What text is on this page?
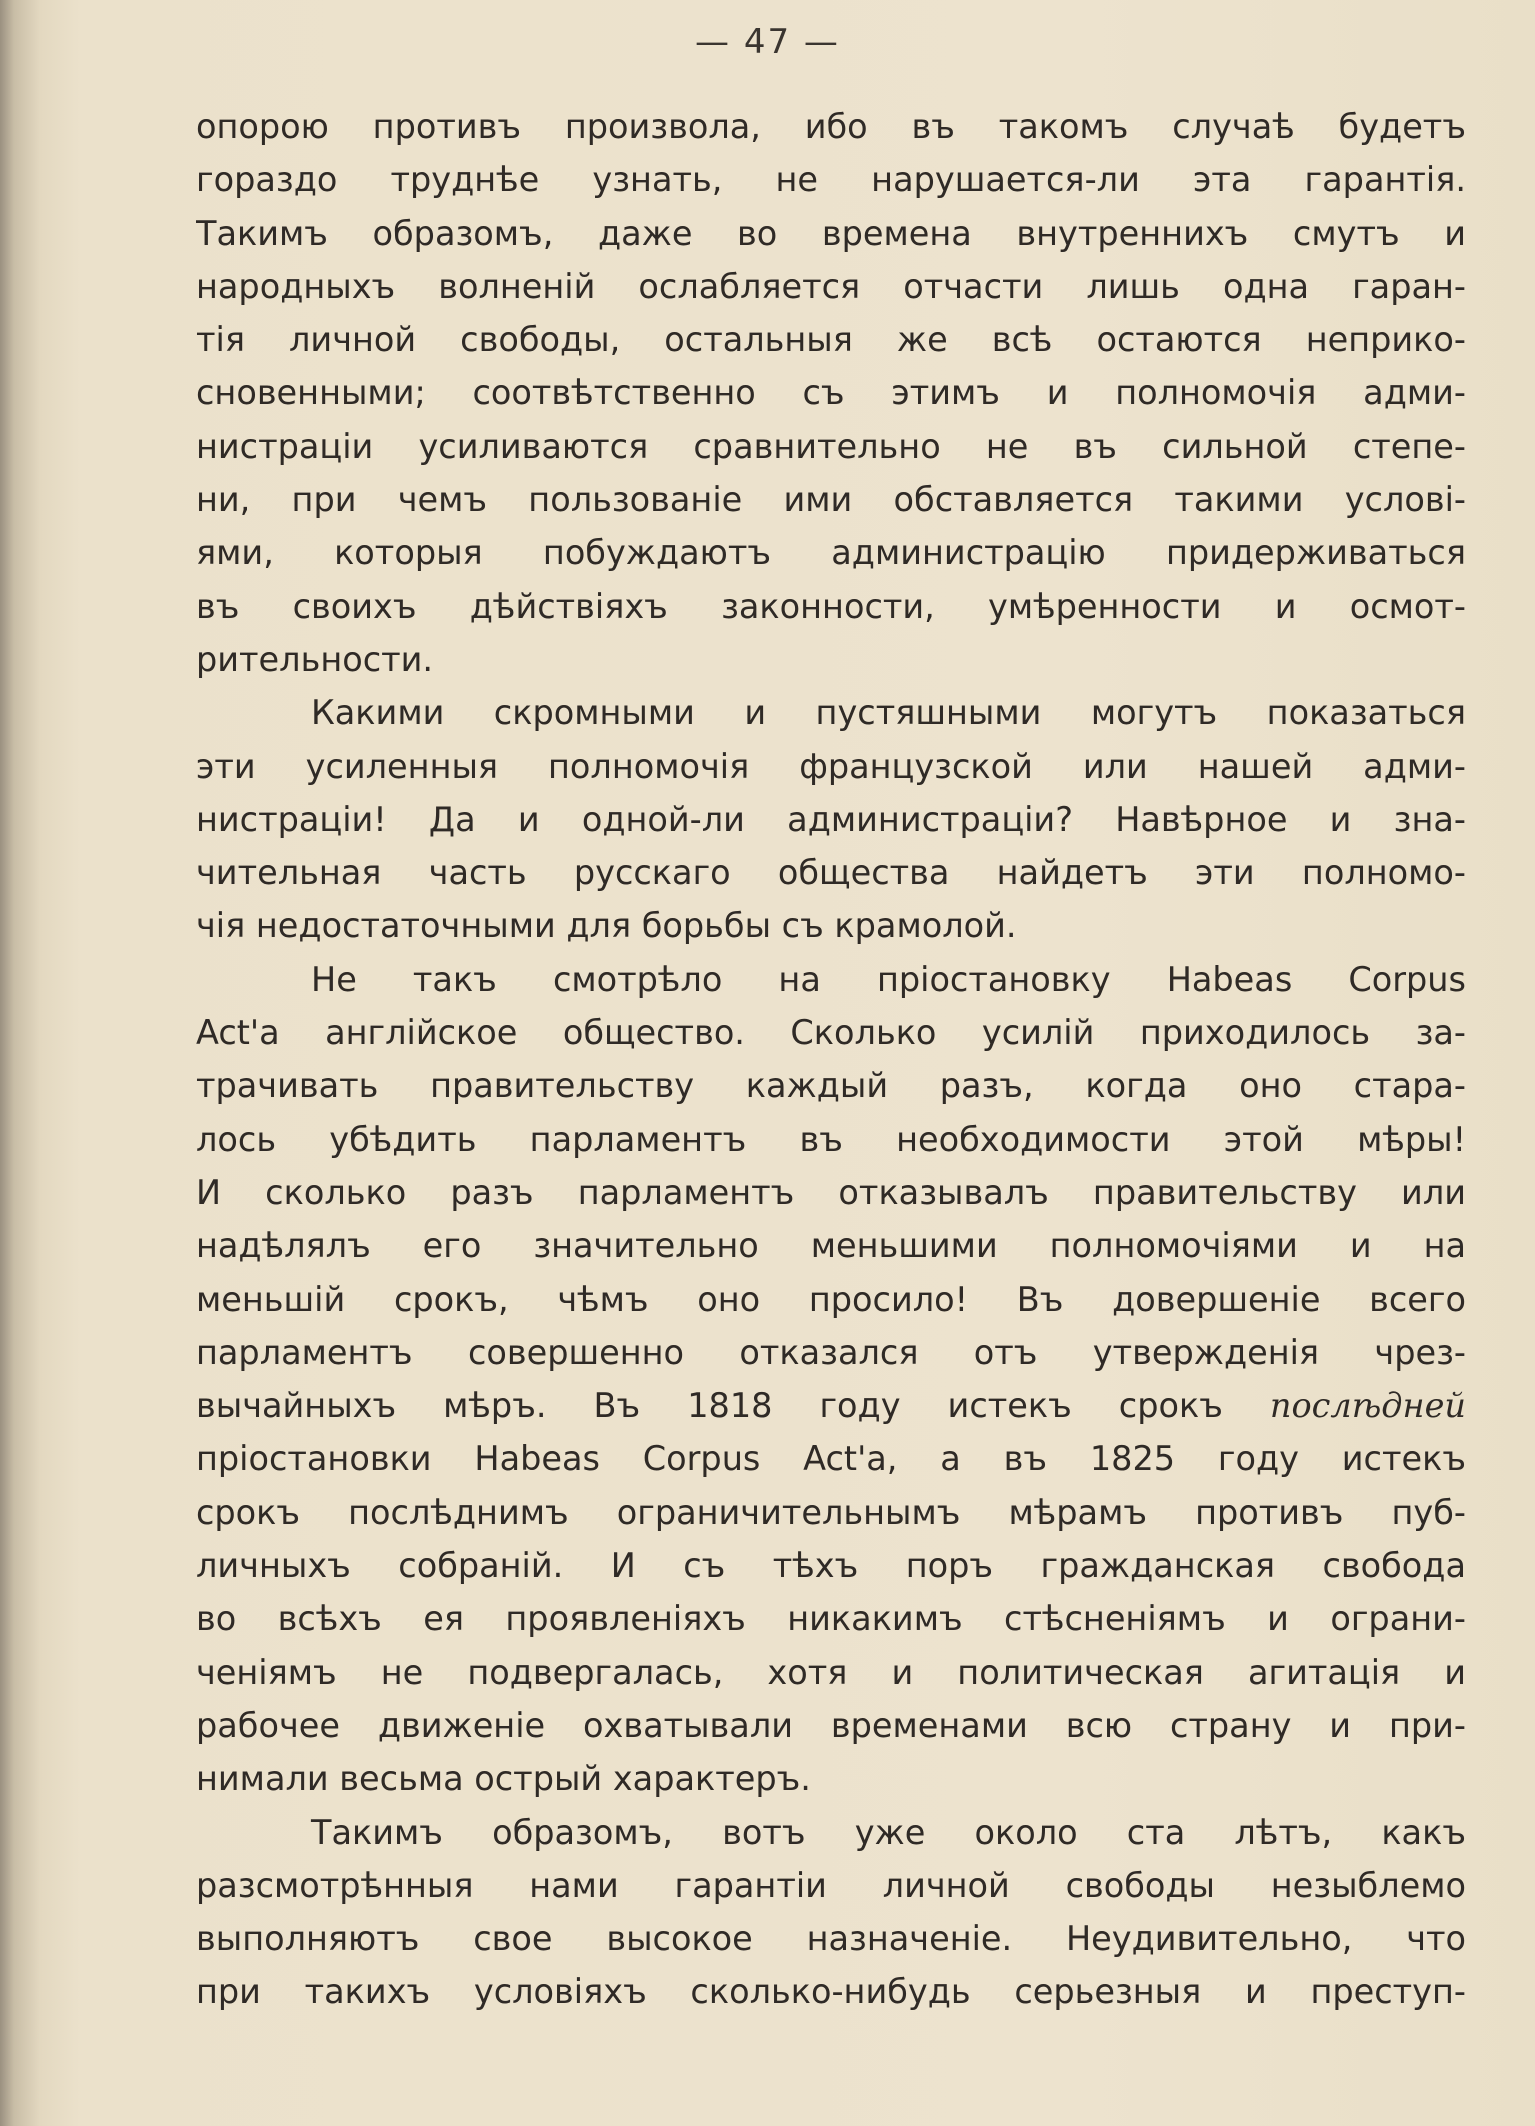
— 47 —
опорою противъ произвола, ибо въ такомъ случаѣ будетъ
гораздо труднѣе узнать, не нарушается-ли эта гарантія.
Такимъ образомъ, даже во времена внутреннихъ смутъ и
народныхъ волненій ослабляется отчасти лишь одна гаран-
тія личной свободы, остальныя же всѣ остаются неприко-
сновенными; соотвѣтственно съ этимъ и полномочія адми-
нистраціи усиливаются сравнительно не въ сильной степе-
ни, при чемъ пользованіе ими обставляется такими услові-
ями, которыя побуждаютъ администрацію придерживаться
въ своихъ дѣйствіяхъ законности, умѣренности и осмот-
рительности.
Какими скромными и пустяшными могутъ показаться
эти усиленныя полномочія французской или нашей адми-
нистраціи! Да и одной-ли администраціи? Навѣрное и зна-
чительная часть русскаго общества найдетъ эти полномо-
чія недостаточными для борьбы съ крамолой.
Не такъ смотрѣло на пріостановку Habeas Corpus
Act'а англійское общество. Сколько усилій приходилось за-
трачивать правительству каждый разъ, когда оно стара-
лось убѣдить парламентъ въ необходимости этой мѣры!
И сколько разъ парламентъ отказывалъ правительству или
надѣлялъ его значительно меньшими полномочіями и на
меньшій срокъ, чѣмъ оно просило! Въ довершеніе всего
парламентъ совершенно отказался отъ утвержденія чрез-
вычайныхъ мѣръ. Въ 1818 году истекъ срокъ послѣдней
пріостановки Habeas Corpus Act'а, а въ 1825 году истекъ
срокъ послѣднимъ ограничительнымъ мѣрамъ противъ пуб-
личныхъ собраній. И съ тѣхъ поръ гражданская свобода
во всѣхъ ея проявленіяхъ никакимъ стѣсненіямъ и ограни-
ченіямъ не подвергалась, хотя и политическая агитація и
рабочее движеніе охватывали временами всю страну и при-
нимали весьма острый характеръ.
Такимъ образомъ, вотъ уже около ста лѣтъ, какъ
разсмотрѣнныя нами гарантіи личной свободы незыблемо
выполняютъ свое высокое назначеніе. Неудивительно, что
при такихъ условіяхъ сколько-нибудь серьезныя и преступ-
